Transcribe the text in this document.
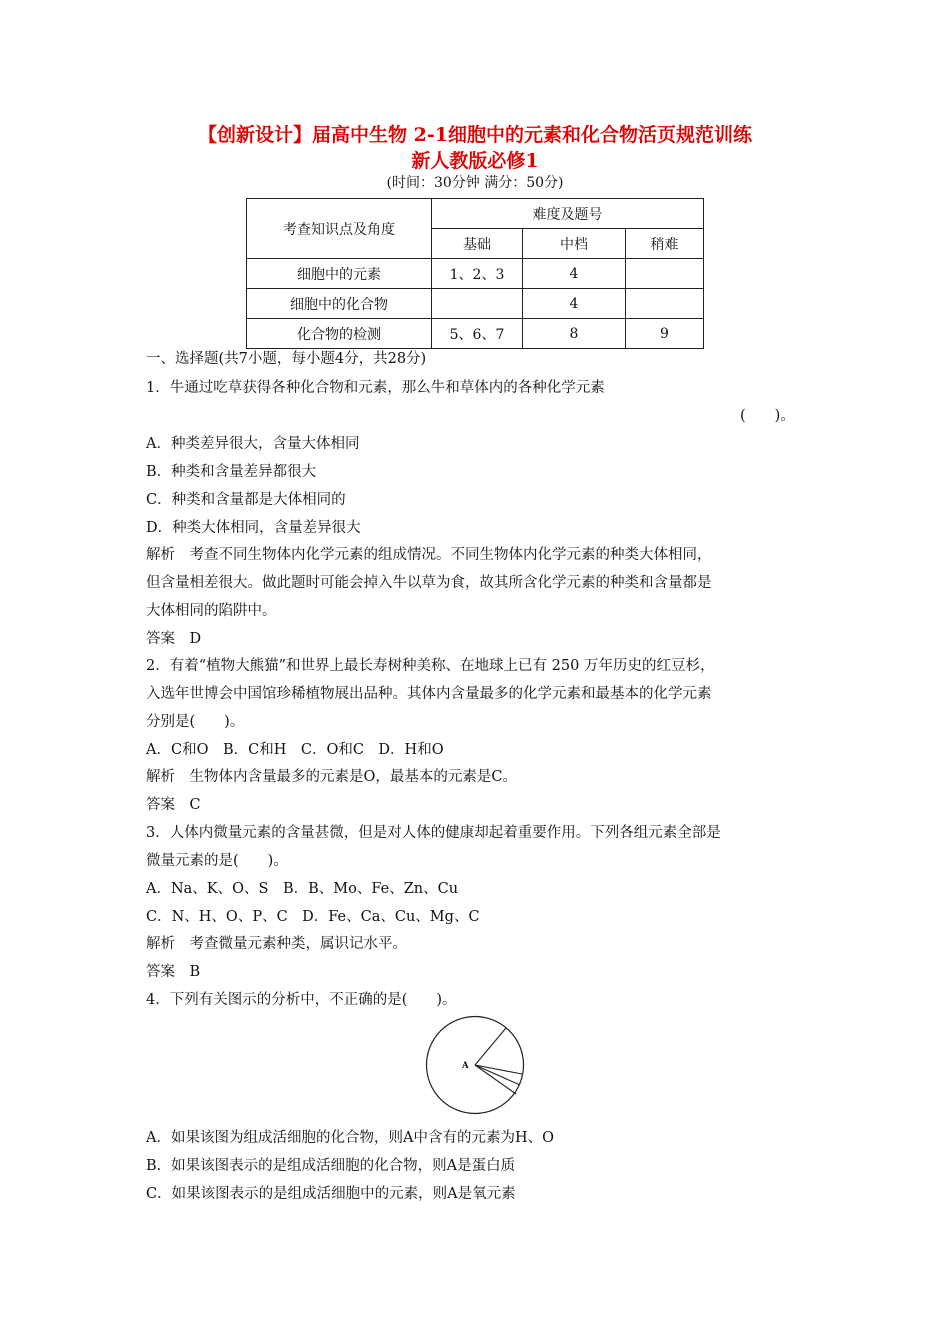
【创新设计】届高中生物 2-1细胞中的元素和化合物活页规范训练
新人教版必修1
(时间：30分钟 满分：50分)
考查知识点及角度	难度及题号		
	基础	中档	稍难
细胞中的元素	1、2、3	4	
细胞中的化合物		4	
化合物的检测	5、6、7	8	9
一、选择题(共7小题，每小题4分，共28分)
1．牛通过吃草获得各种化合物和元素，那么牛和草体内的各种化学元素
(　　)。
A．种类差异很大，含量大体相同
B．种类和含量差异都很大
C．种类和含量都是大体相同的
D．种类大体相同，含量差异很大
解析　考查不同生物体内化学元素的组成情况。不同生物体内化学元素的种类大体相同，
但含量相差很大。做此题时可能会掉入牛以草为食，故其所含化学元素的种类和含量都是
大体相同的陷阱中。
答案　D
2．有着“植物大熊猫”和世界上最长寿树种美称、在地球上已有 250 万年历史的红豆杉，
入选年世博会中国馆珍稀植物展出品种。其体内含量最多的化学元素和最基本的化学元素
分别是(　　)。
A．C和O　B．C和H　C．O和C　D．H和O
解析　生物体内含量最多的元素是O，最基本的元素是C。
答案　C
3．人体内微量元素的含量甚微，但是对人体的健康却起着重要作用。下列各组元素全部是
微量元素的是(　　)。
A．Na、K、O、S　B．B、Mo、Fe、Zn、Cu
C．N、H、O、P、C　D．Fe、Ca、Cu、Mg、C
解析　考查微量元素种类，属识记水平。
答案　B
4．下列有关图示的分析中，不正确的是(　　)。
A
A．如果该图为组成活细胞的化合物，则A中含有的元素为H、O
B．如果该图表示的是组成活细胞的化合物，则A是蛋白质
C．如果该图表示的是组成活细胞中的元素，则A是氧元素
